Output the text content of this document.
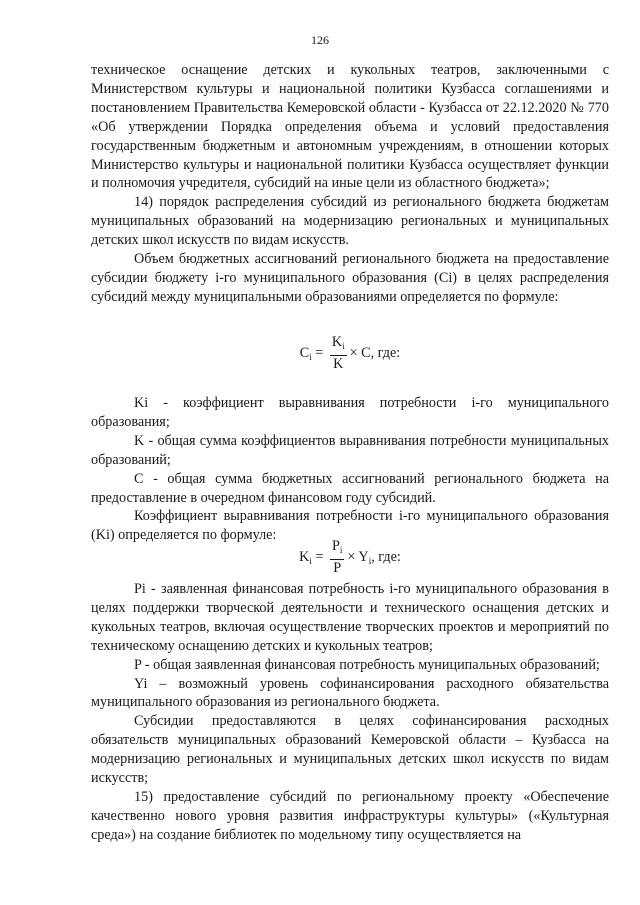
126

техническое оснащение детских и кукольных театров, заключенными с Министерством культуры и национальной политики Кузбасса соглашениями и постановлением Правительства Кемеровской области - Кузбасса от 22.12.2020 № 770 «Об утверждении Порядка определения объема и условий предоставления государственным бюджетным и автономным учреждениям, в отношении которых Министерство культуры и национальной политики Кузбасса осуществляет функции и полномочия учредителя, субсидий на иные цели из областного бюджета»;

14) порядок распределения субсидий из регионального бюджета бюджетам муниципальных образований на модернизацию региональных и муниципальных детских школ искусств по видам искусств.

Объем бюджетных ассигнований регионального бюджета на предоставление субсидии бюджету i-го муниципального образования (Ci) в целях распределения субсидий между муниципальными образованиями определяется по формуле:

$C_i = \frac{K_i}{K} \times C$, где:

Ki - коэффициент выравнивания потребности i-го муниципального образования;

K - общая сумма коэффициентов выравнивания потребности муниципальных образований;

C - общая сумма бюджетных ассигнований регионального бюджета на предоставление в очередном финансовом году субсидий.

Коэффициент выравнивания потребности i-го муниципального образования (Ki) определяется по формуле:

$K_i = \frac{P_i}{P} \times Y_i$ , где:

Pi - заявленная финансовая потребность i-го муниципального образования в целях поддержки творческой деятельности и технического оснащения детских и кукольных театров, включая осуществление творческих проектов и мероприятий по техническому оснащению детских и кукольных театров;

P - общая заявленная финансовая потребность муниципальных образований;

Yi – возможный уровень софинансирования расходного обязательства муниципального образования из регионального бюджета.

Субсидии предоставляются в целях софинансирования расходных обязательств муниципальных образований Кемеровской области – Кузбасса на модернизацию региональных и муниципальных детских школ искусств по видам искусств;

15) предоставление субсидий по региональному проекту «Обеспечение качественно нового уровня развития инфраструктуры культуры» («Культурная среда») на создание библиотек по модельному типу осуществляется на
